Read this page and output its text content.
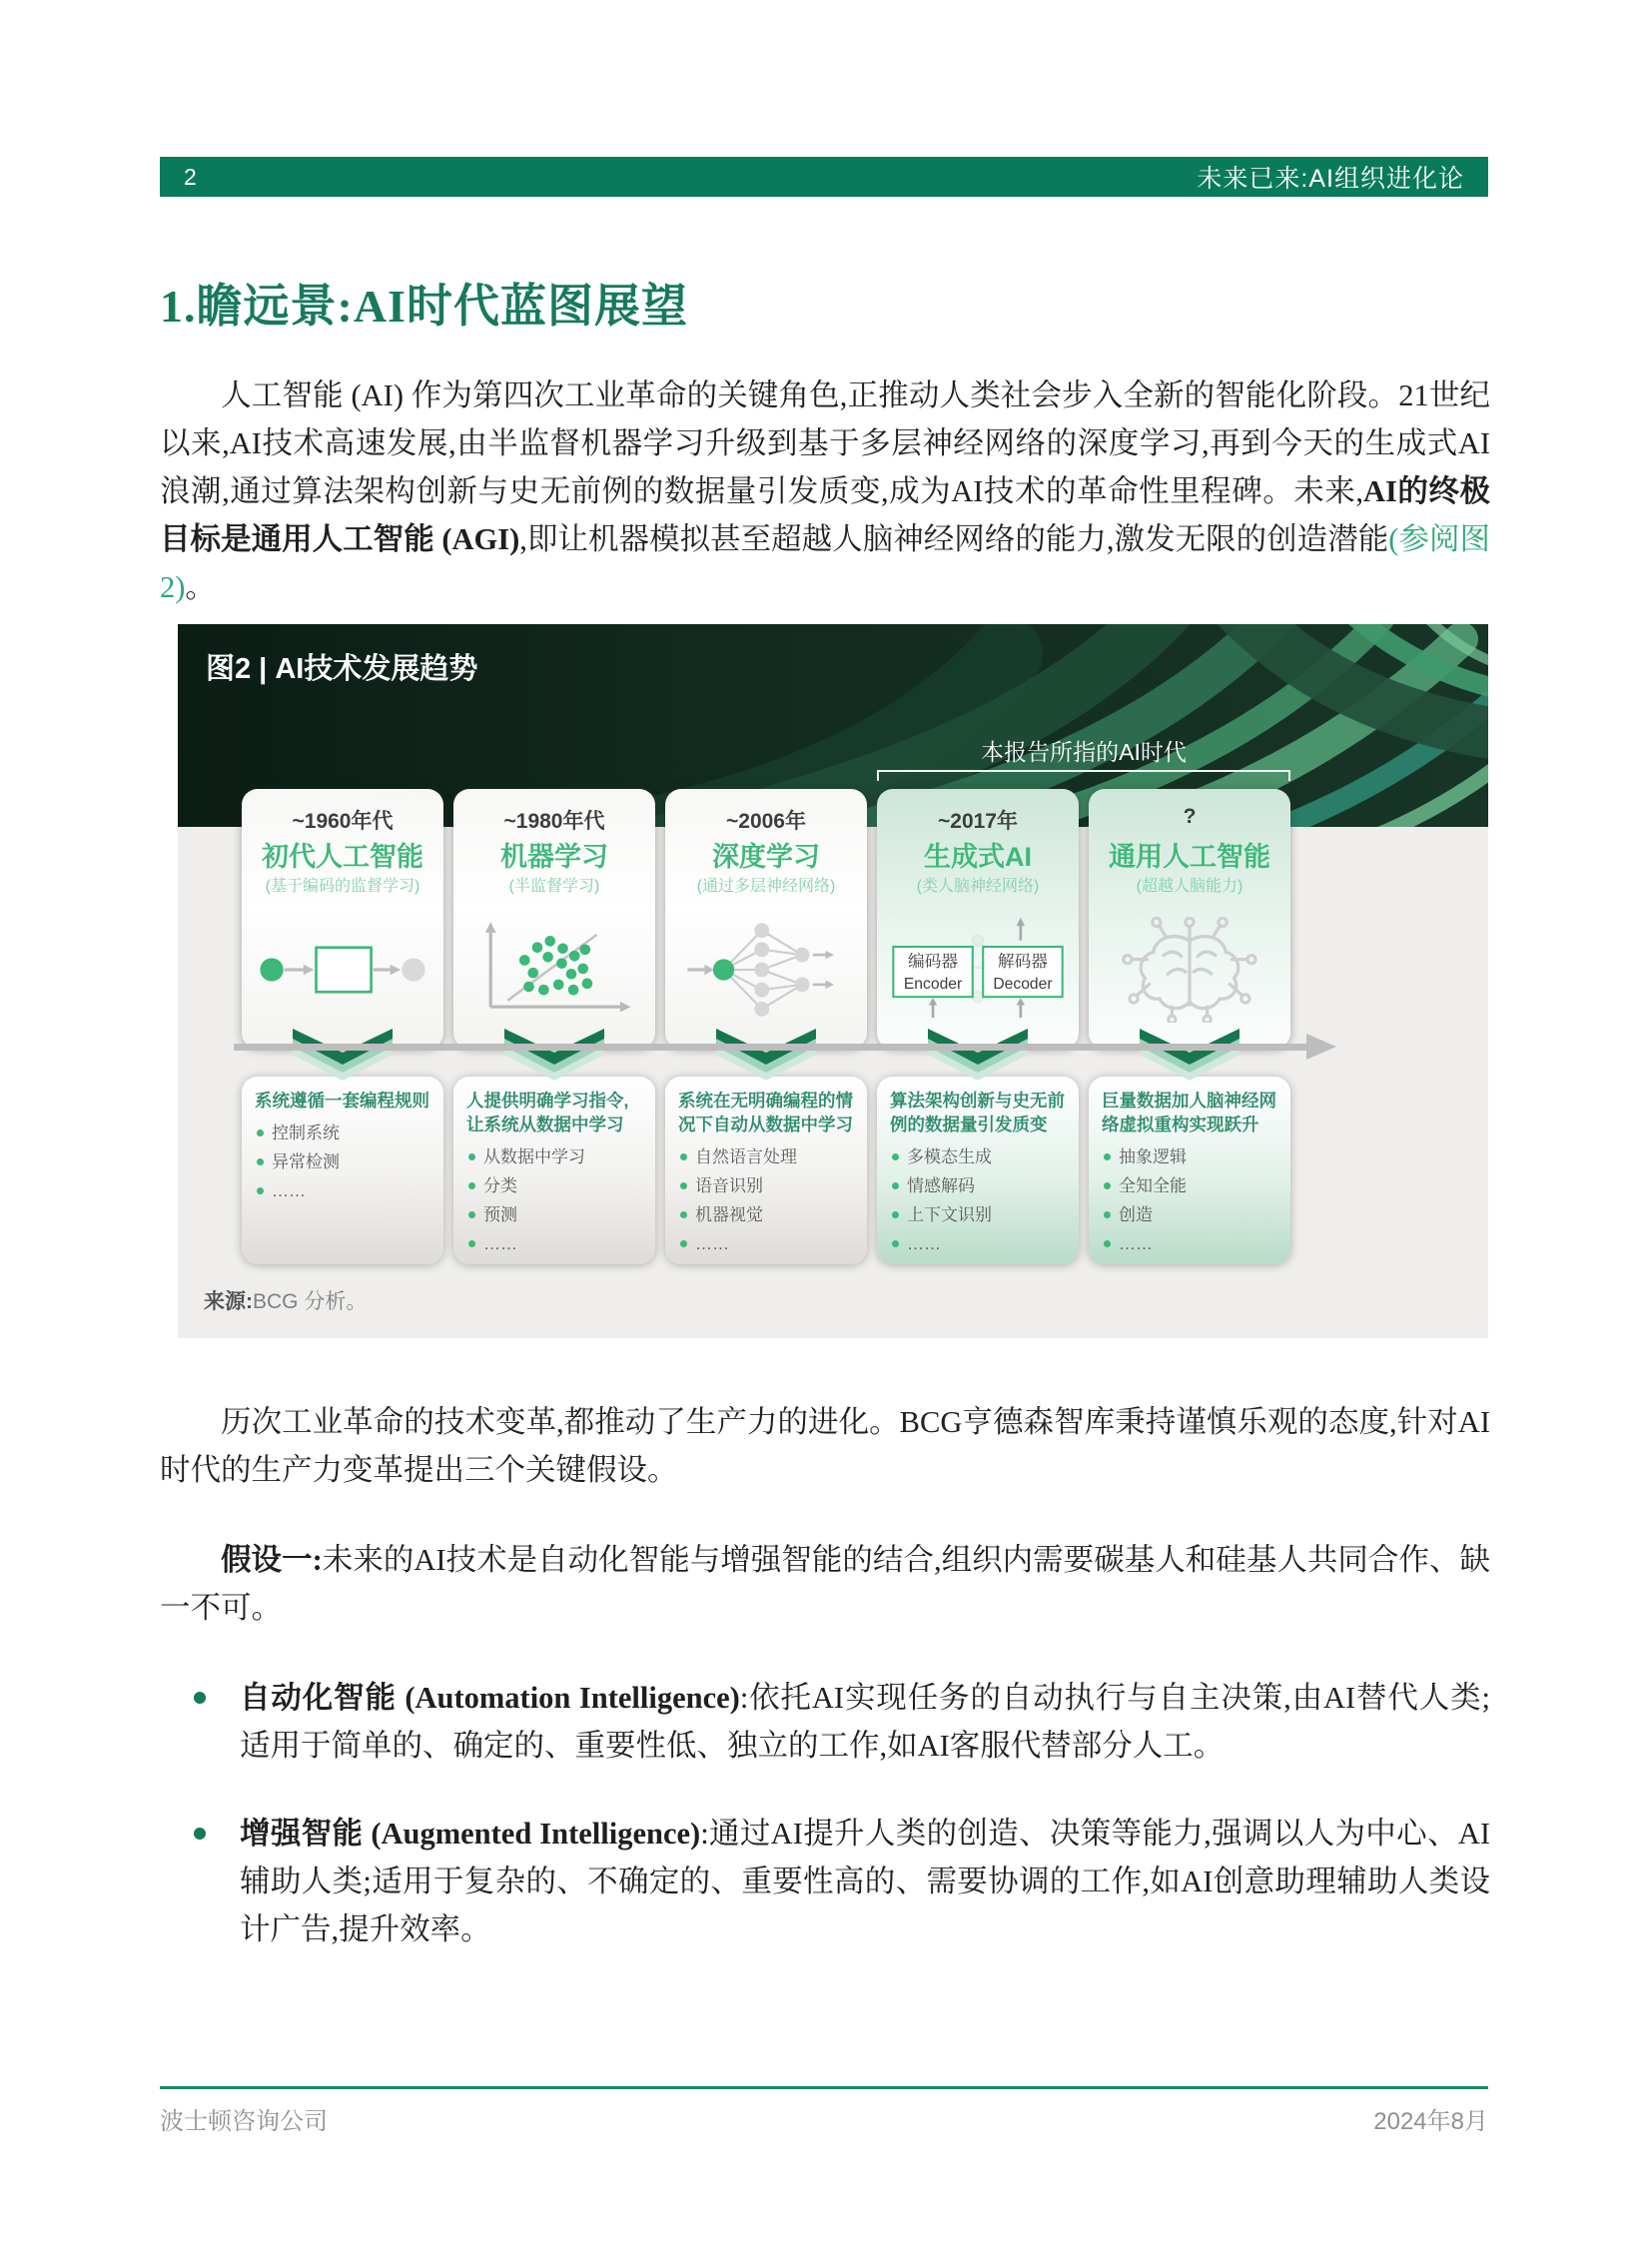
2	未来已来:AI组织进化论
1.瞻远景:AI时代蓝图展望
人工智能 (AI) 作为第四次工业革命的关键角色,正推动人类社会步入全新的智能化阶段。21世纪以来,AI技术高速发展,由半监督机器学习升级到基于多层神经网络的深度学习,再到今天的生成式AI浪潮,通过算法架构创新与史无前例的数据量引发质变,成为AI技术的革命性里程碑。未来,AI的终极目标是通用人工智能 (AGI),即让机器模拟甚至超越人脑神经网络的能力,激发无限的创造潜能(参阅图2)。
图2 | AI技术发展趋势
本报告所指的AI时代
~1960年代
初代人工智能
(基于编码的监督学习)
系统遵循一套编程规则
控制系统
异常检测
……
~1980年代
机器学习
(半监督学习)
人提供明确学习指令,让系统从数据中学习
从数据中学习
分类
预测
……
~2006年
深度学习
(通过多层神经网络)
系统在无明确编程的情况下自动从数据中学习
自然语言处理
语音识别
机器视觉
……
~2017年
生成式AI
(类人脑神经网络)
编码器
Encoder
解码器
Decoder
算法架构创新与史无前例的数据量引发质变
多模态生成
情感解码
上下文识别
……
?
通用人工智能
(超越人脑能力)
巨量数据加人脑神经网络虚拟重构实现跃升
抽象逻辑
全知全能
创造
……
来源:BCG 分析。
历次工业革命的技术变革,都推动了生产力的进化。BCG亨德森智库秉持谨慎乐观的态度,针对AI时代的生产力变革提出三个关键假设。
假设一:未来的AI技术是自动化智能与增强智能的结合,组织内需要碳基人和硅基人共同合作、缺一不可。
自动化智能 (Automation Intelligence):依托AI实现任务的自动执行与自主决策,由AI替代人类;适用于简单的、确定的、重要性低、独立的工作,如AI客服代替部分人工。
增强智能 (Augmented Intelligence):通过AI提升人类的创造、决策等能力,强调以人为中心、AI辅助人类;适用于复杂的、不确定的、重要性高的、需要协调的工作,如AI创意助理辅助人类设计广告,提升效率。
波士顿咨询公司	2024年8月
